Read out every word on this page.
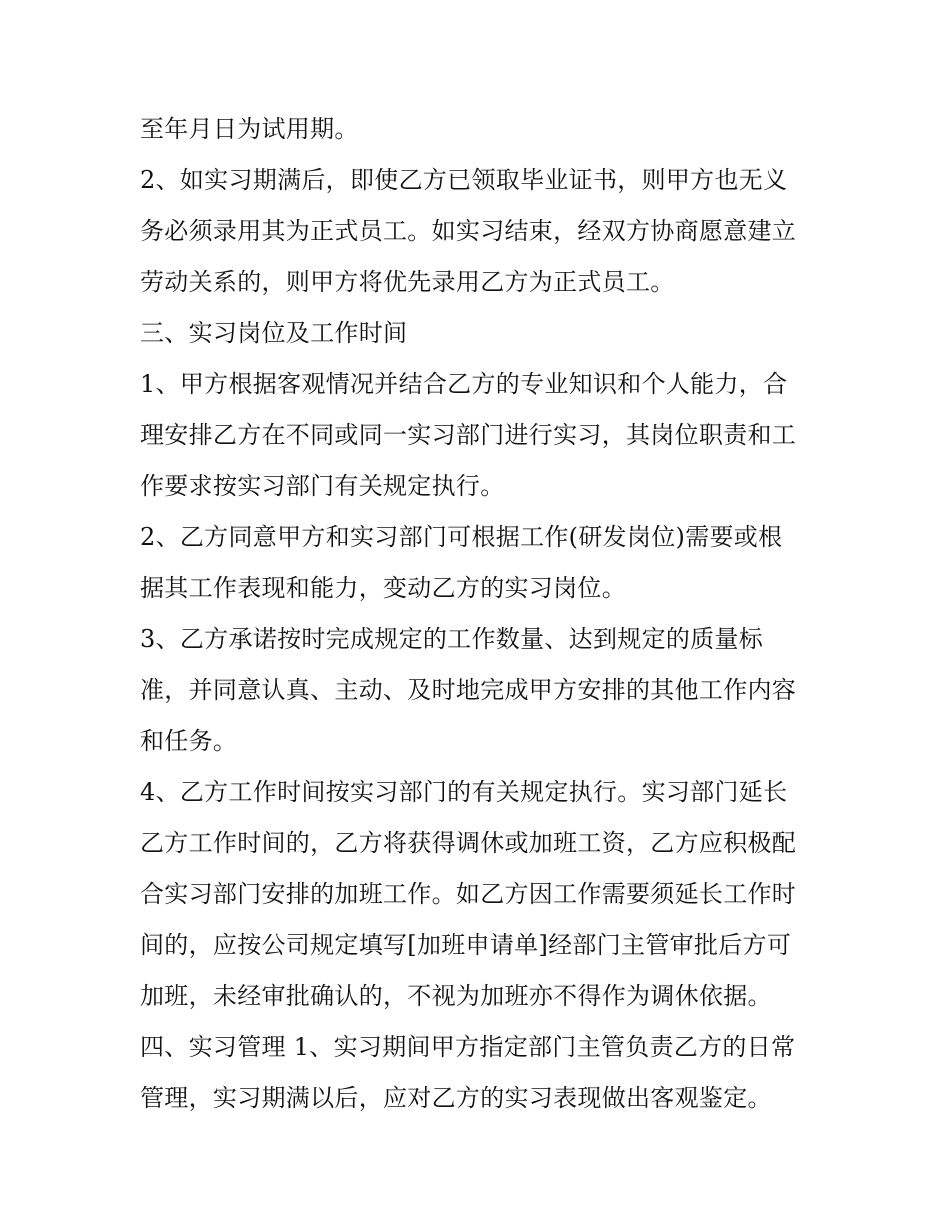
至年月日为试用期。
2、如实习期满后，即使乙方已领取毕业证书，则甲方也无义
务必须录用其为正式员工。如实习结束，经双方协商愿意建立
劳动关系的，则甲方将优先录用乙方为正式员工。
三、实习岗位及工作时间
1、甲方根据客观情况并结合乙方的专业知识和个人能力，合
理安排乙方在不同或同一实习部门进行实习，其岗位职责和工
作要求按实习部门有关规定执行。
2、乙方同意甲方和实习部门可根据工作(研发岗位)需要或根
据其工作表现和能力，变动乙方的实习岗位。
3、乙方承诺按时完成规定的工作数量、达到规定的质量标
准，并同意认真、主动、及时地完成甲方安排的其他工作内容
和任务。
4、乙方工作时间按实习部门的有关规定执行。实习部门延长
乙方工作时间的，乙方将获得调休或加班工资，乙方应积极配
合实习部门安排的加班工作。如乙方因工作需要须延长工作时
间的，应按公司规定填写[加班申请单]经部门主管审批后方可
加班，未经审批确认的，不视为加班亦不得作为调休依据。
四、实习管理 1、实习期间甲方指定部门主管负责乙方的日常
管理，实习期满以后，应对乙方的实习表现做出客观鉴定。
